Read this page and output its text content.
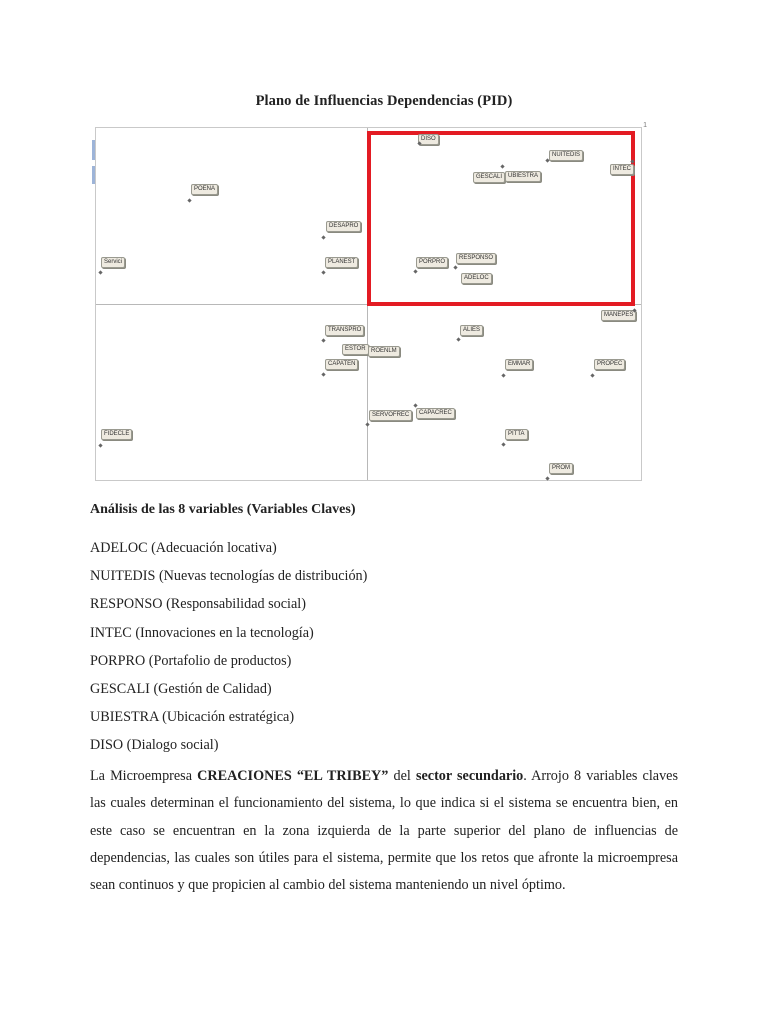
Plano de Influencias Dependencias (PID)
1
DISO
NUITEDIS
INTEC
GESCALI UBIESTRA
POENA
DESAPRO
Servici	PLANEST	PORPRO
RESPONSO
ADELOC
MANEPES
TRANSPRO	ALIES
ESTOR ROENLM
CAPATEN	EMMAR	PROPEC
SERVOFREC	CAPACREC
FIDECLE	PITTA
PROM
Análisis de las 8 variables (Variables Claves)
ADELOC (Adecuación locativa)
NUITEDIS (Nuevas tecnologías de distribución)
RESPONSO (Responsabilidad social)
INTEC (Innovaciones en la tecnología)
PORPRO (Portafolio de productos)
GESCALI (Gestión de Calidad)
UBIESTRA (Ubicación estratégica)
DISO (Dialogo social)

La Microempresa CREACIONES “EL TRIBEY” del sector secundario. Arrojo 8 variables claves las cuales determinan el funcionamiento del sistema, lo que indica si el sistema se encuentra bien, en este caso se encuentran en la zona izquierda de la parte superior del plano de influencias de dependencias, las cuales son útiles para el sistema, permite que los retos que afronte la microempresa sean continuos y que propicien al cambio del sistema manteniendo un nivel óptimo.
